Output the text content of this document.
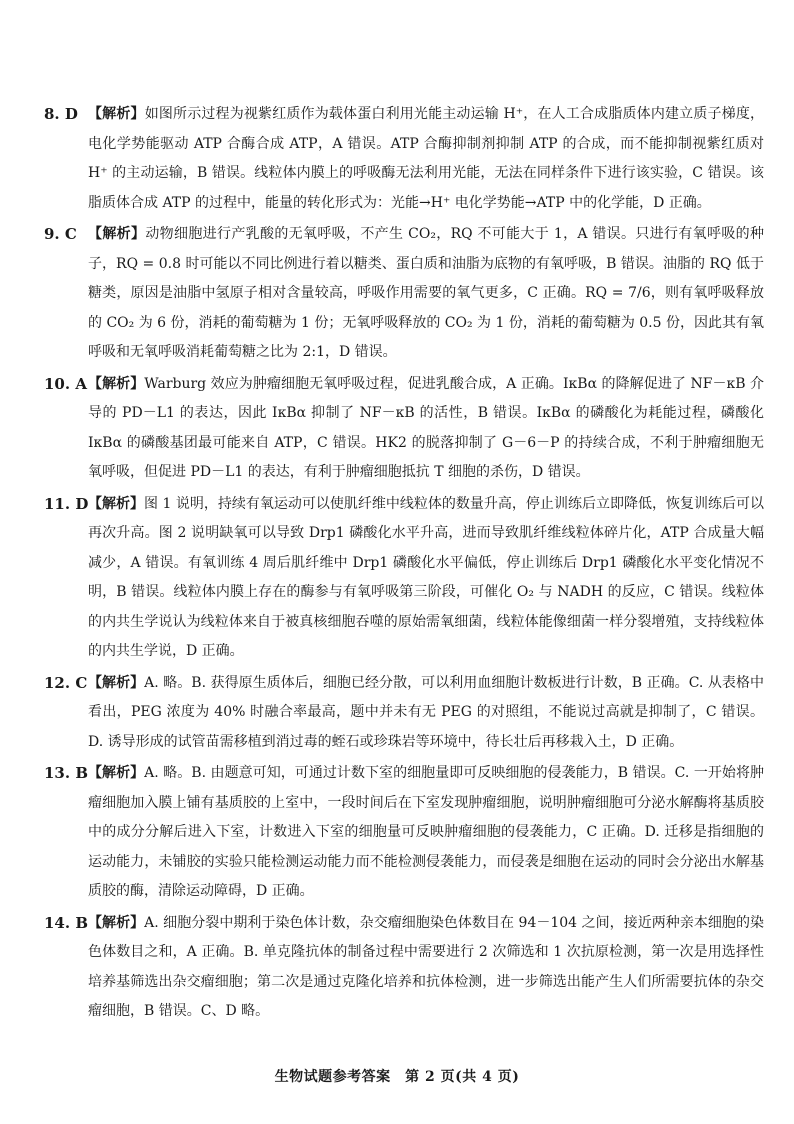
8. D 【解析】如图所示过程为视紫红质作为载体蛋白利用光能主动运输 H⁺，在人工合成脂质体内建立质子梯度，电化学势能驱动 ATP 合酶合成 ATP，A 错误。ATP 合酶抑制剂抑制 ATP 的合成，而不能抑制视紫红质对 H⁺ 的主动运输，B 错误。线粒体内膜上的呼吸酶无法利用光能，无法在同样条件下进行该实验，C 错误。该脂质体合成 ATP 的过程中，能量的转化形式为：光能→H⁺ 电化学势能→ATP 中的化学能，D 正确。
9. C 【解析】动物细胞进行产乳酸的无氧呼吸，不产生 CO₂，RQ 不可能大于 1，A 错误。只进行有氧呼吸的种子，RQ = 0.8 时可能以不同比例进行着以糖类、蛋白质和油脂为底物的有氧呼吸，B 错误。油脂的 RQ 低于糖类，原因是油脂中氢原子相对含量较高，呼吸作用需要的氧气更多，C 正确。RQ = 7/6，则有氧呼吸释放的 CO₂ 为 6 份，消耗的葡萄糖为 1 份；无氧呼吸释放的 CO₂ 为 1 份，消耗的葡萄糖为 0.5 份，因此其有氧呼吸和无氧呼吸消耗葡萄糖之比为 2:1，D 错误。
10. A 【解析】Warburg 效应为肿瘤细胞无氧呼吸过程，促进乳酸合成，A 正确。IκBα 的降解促进了 NF－κB 介导的 PD－L1 的表达，因此 IκBα 抑制了 NF－κB 的活性，B 错误。IκBα 的磷酸化为耗能过程，磷酸化 IκBα 的磷酸基团最可能来自 ATP，C 错误。HK2 的脱落抑制了 G－6－P 的持续合成，不利于肿瘤细胞无氧呼吸，但促进 PD－L1 的表达，有利于肿瘤细胞抵抗 T 细胞的杀伤，D 错误。
11. D 【解析】图 1 说明，持续有氧运动可以使肌纤维中线粒体的数量升高，停止训练后立即降低，恢复训练后可以再次升高。图 2 说明缺氧可以导致 Drp1 磷酸化水平升高，进而导致肌纤维线粒体碎片化，ATP 合成量大幅减少，A 错误。有氧训练 4 周后肌纤维中 Drp1 磷酸化水平偏低，停止训练后 Drp1 磷酸化水平变化情况不明，B 错误。线粒体内膜上存在的酶参与有氧呼吸第三阶段，可催化 O₂ 与 NADH 的反应，C 错误。线粒体的内共生学说认为线粒体来自于被真核细胞吞噬的原始需氧细菌，线粒体能像细菌一样分裂增殖，支持线粒体的内共生学说，D 正确。
12. C 【解析】A. 略。B. 获得原生质体后，细胞已经分散，可以利用血细胞计数板进行计数，B 正确。C. 从表格中看出，PEG 浓度为 40% 时融合率最高，题中并未有无 PEG 的对照组，不能说过高就是抑制了，C 错误。D. 诱导形成的试管苗需移植到消过毒的蛭石或珍珠岩等环境中，待长壮后再移栽入土，D 正确。
13. B 【解析】A. 略。B. 由题意可知，可通过计数下室的细胞量即可反映细胞的侵袭能力，B 错误。C. 一开始将肿瘤细胞加入膜上铺有基质胶的上室中，一段时间后在下室发现肿瘤细胞，说明肿瘤细胞可分泌水解酶将基质胶中的成分分解后进入下室，计数进入下室的细胞量可反映肿瘤细胞的侵袭能力，C 正确。D. 迁移是指细胞的运动能力，未铺胶的实验只能检测运动能力而不能检测侵袭能力，而侵袭是细胞在运动的同时会分泌出水解基质胶的酶，清除运动障碍，D 正确。
14. B 【解析】A. 细胞分裂中期利于染色体计数，杂交瘤细胞染色体数目在 94－104 之间，接近两种亲本细胞的染色体数目之和，A 正确。B. 单克隆抗体的制备过程中需要进行 2 次筛选和 1 次抗原检测，第一次是用选择性培养基筛选出杂交瘤细胞；第二次是通过克隆化培养和抗体检测，进一步筛选出能产生人们所需要抗体的杂交瘤细胞，B 错误。C、D 略。
生物试题参考答案　第 2 页(共 4 页)
